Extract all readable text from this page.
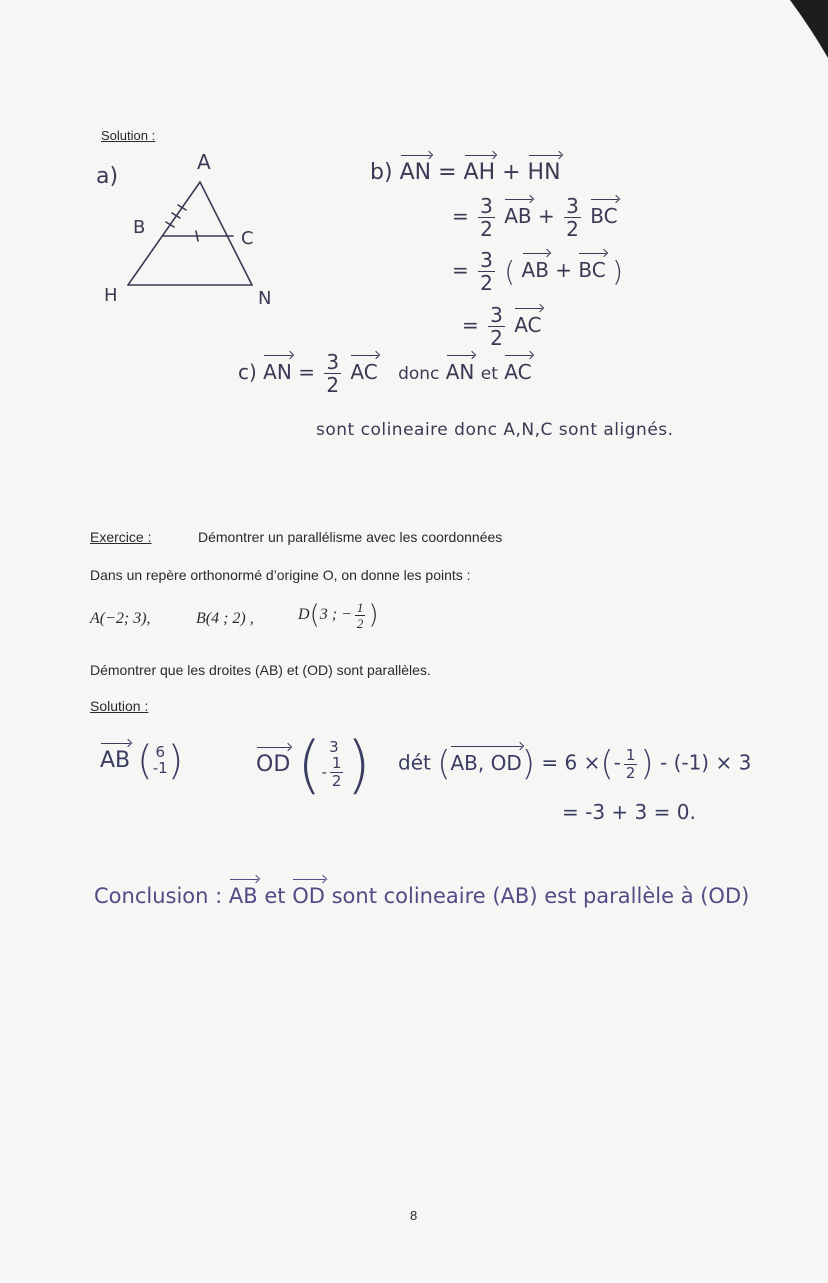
Solution :
a)
A
B
C
H	N
b) AN = AH + HN
= $\frac{3}{2}$ AB + $\frac{3}{2}$ BC
= $\frac{3}{2}$ ( AB + BC )
= $\frac{3}{2}$ AC
c) AN = $\frac{3}{2}$ AC donc AN et AC
sont colineaire donc A,N,C sont alignés.
Exercice :	Démontrer un parallélisme avec les coordonnées
Dans un repère orthonormé d’origine O, on donne les points :
A(−2; 3),	B(4 ; 2) ,	D(3 ; − $\frac{1}{2}$ )
Démontrer que les droites (AB) et (OD) sont parallèles.
Solution :
AB ( 6
-1 )	OD ( 3
- $\frac{1}{2}$ ) dét (AB, OD) = 6 ×(- $\frac{1}{2}$ ) - (-1) × 3
= -3 + 3 = 0.
Conclusion : AB et OD sont colineaire (AB) est parallèle à (OD)
8
